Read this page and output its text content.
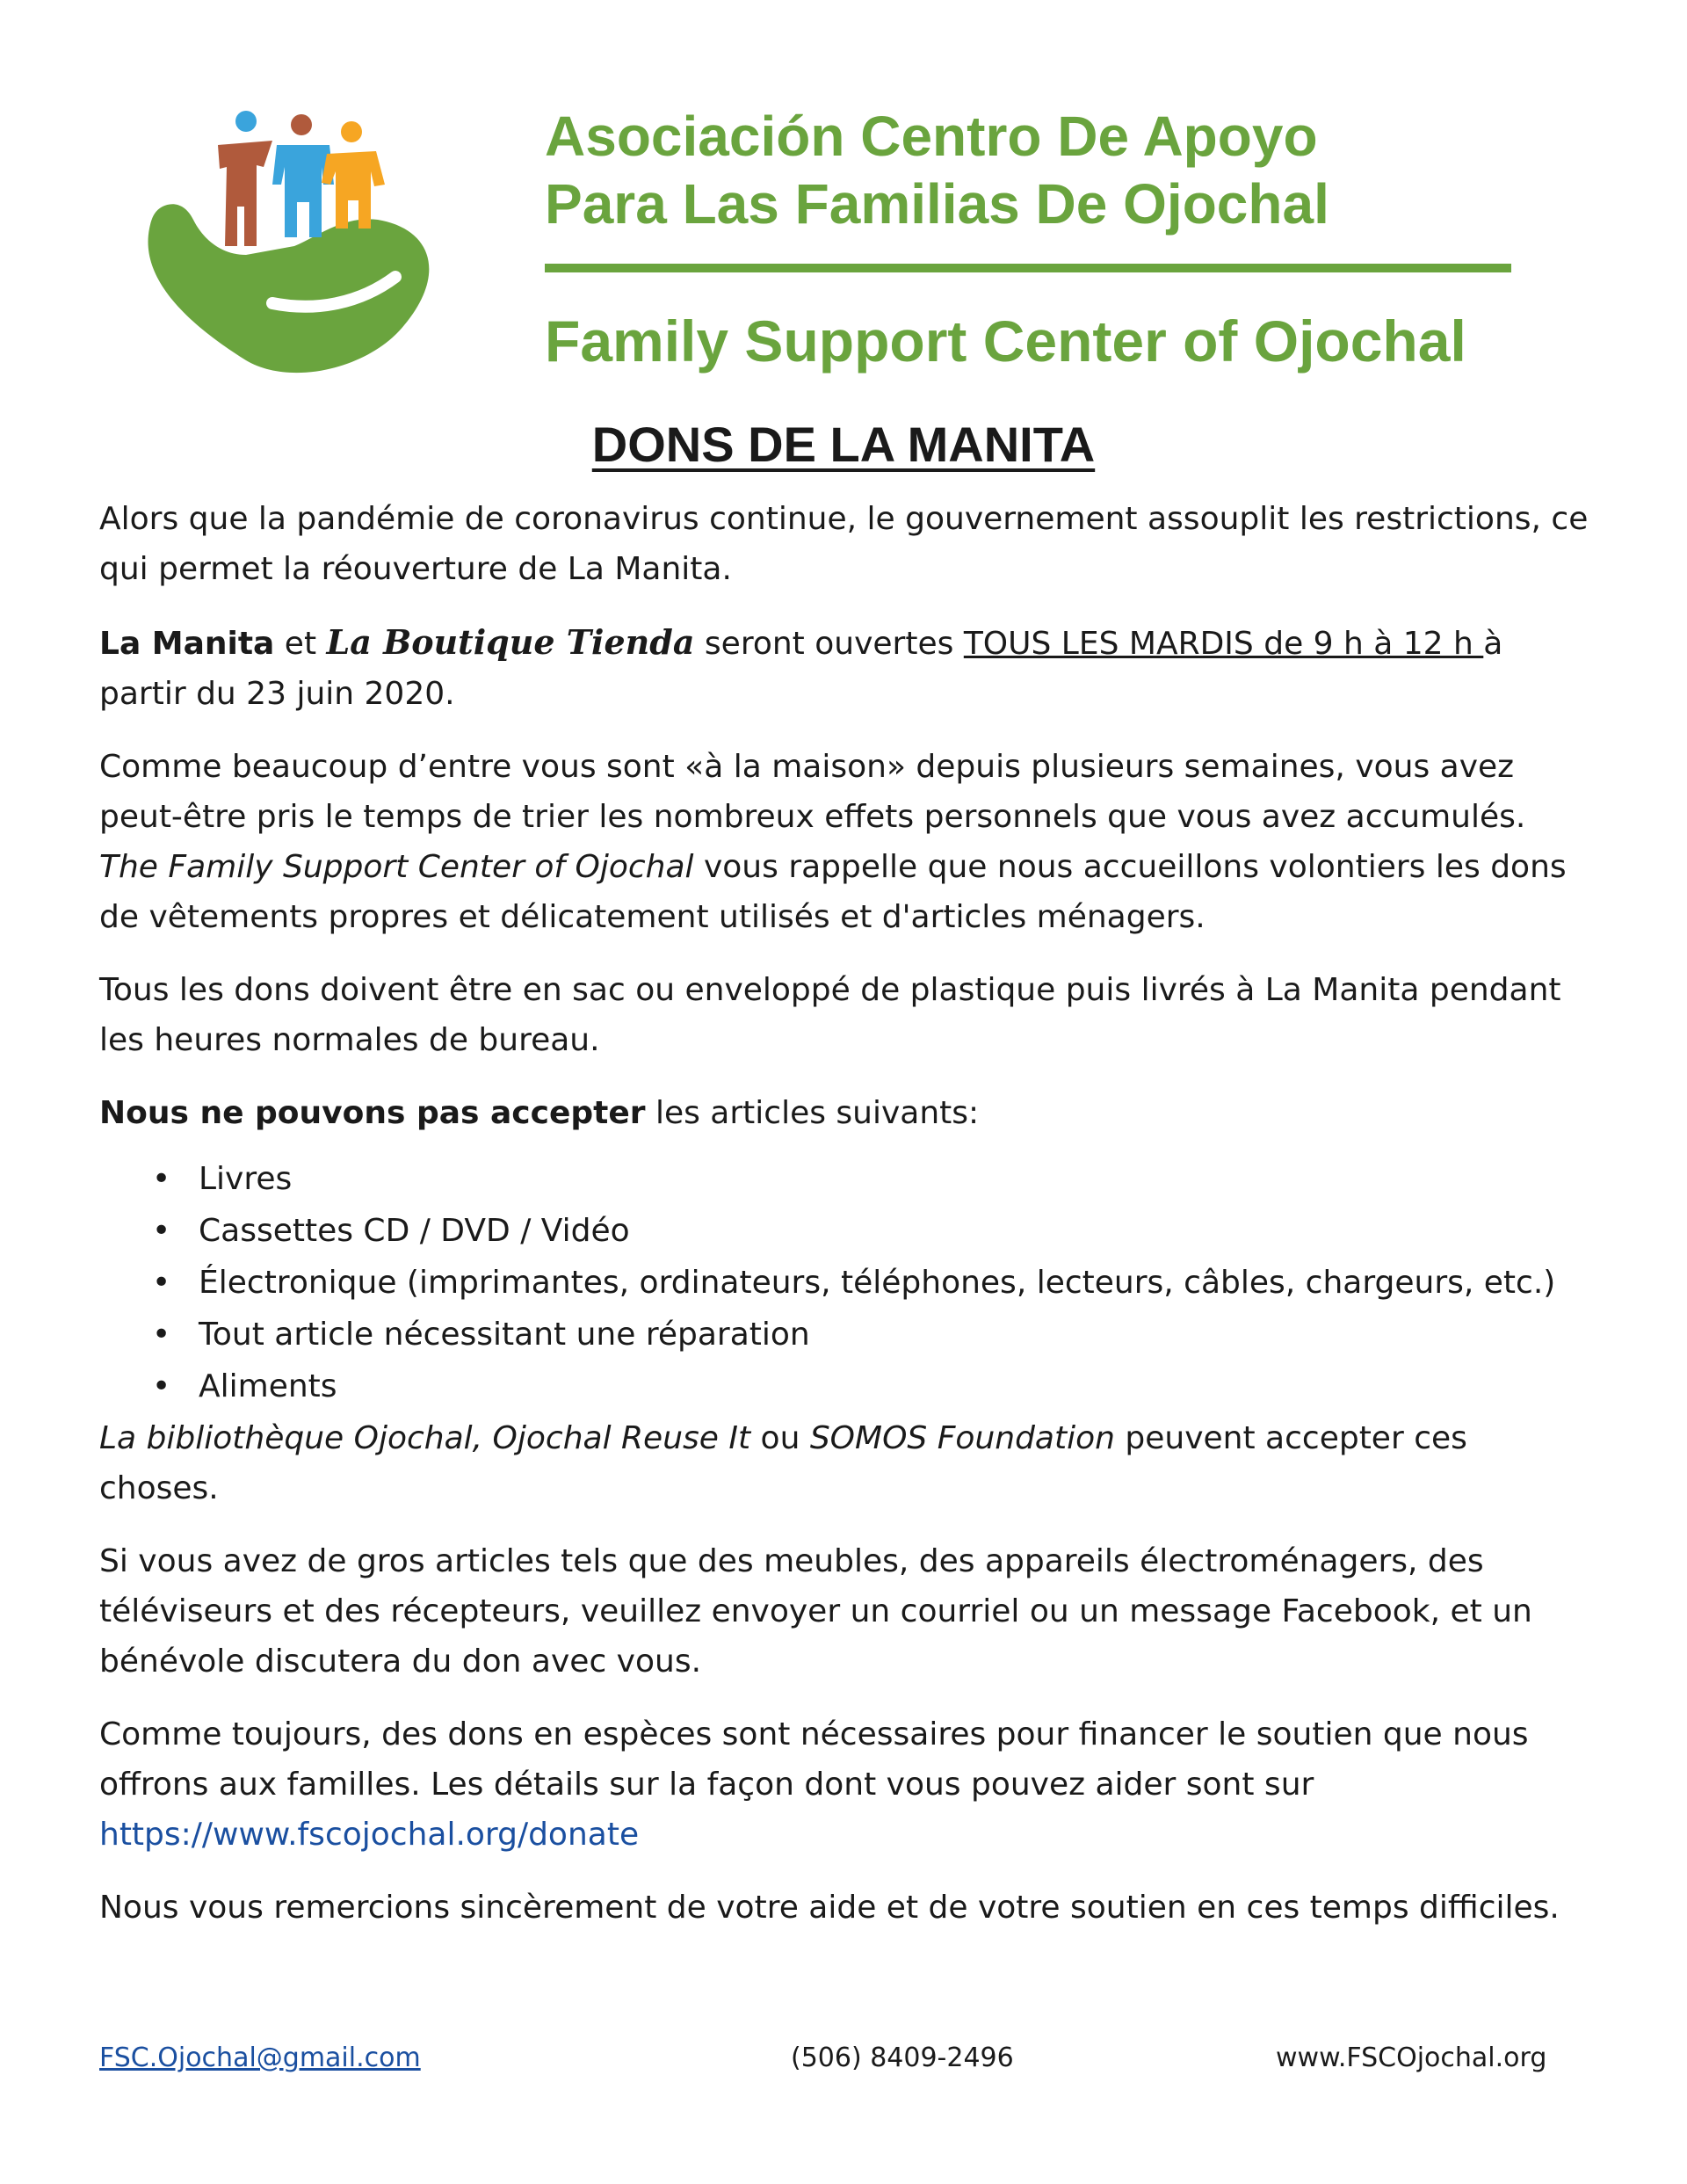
Asociación Centro De Apoyo
Para Las Familias De Ojochal
Family Support Center of Ojochal
DONS DE LA MANITA

Alors que la pandémie de coronavirus continue, le gouvernement assouplit les restrictions, ce qui permet la réouverture de La Manita.

La Manita et La Boutique Tienda seront ouvertes TOUS LES MARDIS de 9 h à 12 h à partir du 23 juin 2020.

Comme beaucoup d’entre vous sont «à la maison» depuis plusieurs semaines, vous avez peut-être pris le temps de trier les nombreux effets personnels que vous avez accumulés. The Family Support Center of Ojochal vous rappelle que nous accueillons volontiers les dons de vêtements propres et délicatement utilisés et d'articles ménagers.

Tous les dons doivent être en sac ou enveloppé de plastique puis livrés à La Manita pendant les heures normales de bureau.

Nous ne pouvons pas accepter les articles suivants:

• Livres
• Cassettes CD / DVD / Vidéo
• Électronique (imprimantes, ordinateurs, téléphones, lecteurs, câbles, chargeurs, etc.)
• Tout article nécessitant une réparation
• Aliments

La bibliothèque Ojochal, Ojochal Reuse It ou SOMOS Foundation peuvent accepter ces choses.

Si vous avez de gros articles tels que des meubles, des appareils électroménagers, des téléviseurs et des récepteurs, veuillez envoyer un courriel ou un message Facebook, et un bénévole discutera du don avec vous.

Comme toujours, des dons en espèces sont nécessaires pour financer le soutien que nous offrons aux familles. Les détails sur la façon dont vous pouvez aider sont sur
https://www.fscojochal.org/donate

Nous vous remercions sincèrement de votre aide et de votre soutien en ces temps difficiles.

FSC.Ojochal@gmail.com	(506) 8409-2496	www.FSCOjochal.org
